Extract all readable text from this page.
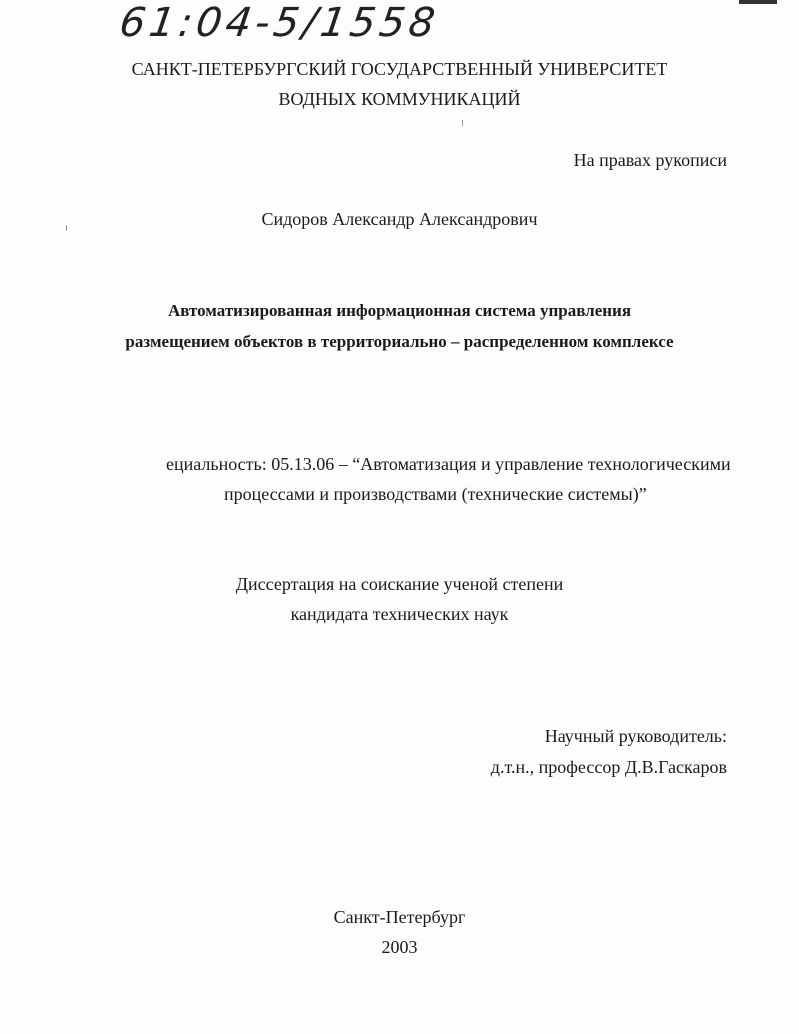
61:04-5/1558
САНКТ-ПЕТЕРБУРГСКИЙ ГОСУДАРСТВЕННЫЙ УНИВЕРСИТЕТ
ВОДНЫХ КОММУНИКАЦИЙ
На правах рукописи
Сидоров Александр Александрович
Автоматизированная информационная система управления
размещением объектов в территориально – распределенном комплексе
ециальность: 05.13.06 – “Автоматизация и управление технологическими
процессами и производствами (технические системы)”
Диссертация на соискание ученой степени
кандидата технических наук
Научный руководитель:
д.т.н., профессор Д.В.Гаскаров
Санкт-Петербург
2003
